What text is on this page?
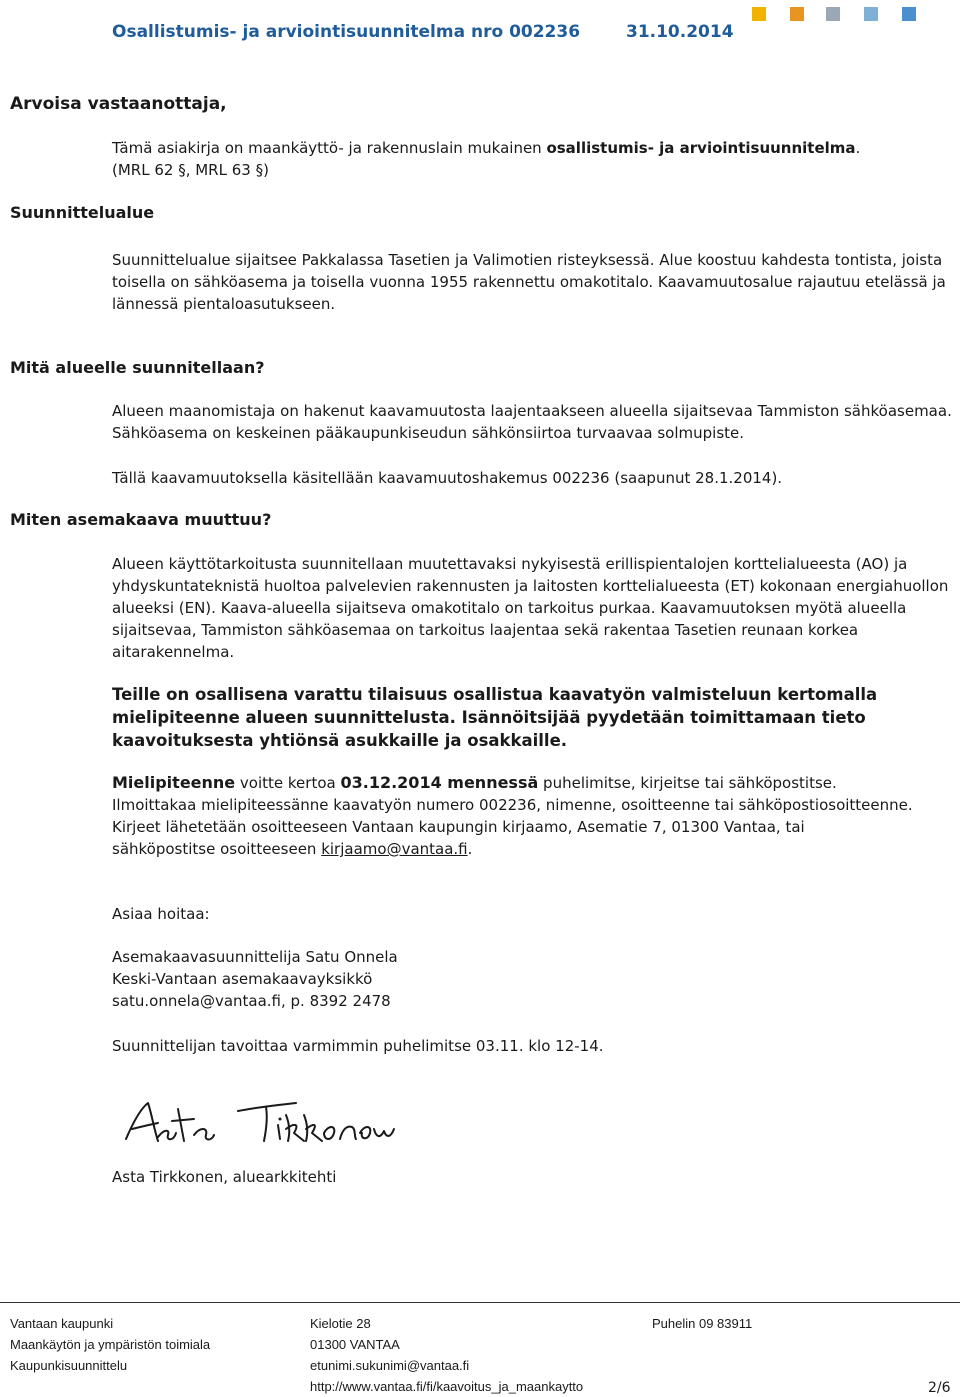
Osallistumis- ja arviointisuunnitelma nro 002236	31.10.2014
Arvoisa vastaanottaja,

Tämä asiakirja on maankäyttö- ja rakennuslain mukainen osallistumis- ja arviointisuunnitelma.

(MRL 62 §, MRL 63 §)

Suunnittelualue
Suunnittelualue sijaitsee Pakkalassa Tasetien ja Valimotien risteyksessä. Alue koostuu kahdesta tontista, joista toisella on sähköasema ja toisella vuonna 1955 rakennettu omakotitalo. Kaavamuutosalue rajautuu etelässä ja lännessä pientaloasutukseen.
Mitä alueelle suunnitellaan?
Alueen maanomistaja on hakenut kaavamuutosta laajentaakseen alueella sijaitsevaa Tammiston sähköasemaa. Sähköasema on keskeinen pääkaupunkiseudun sähkönsiirtoa turvaavaa solmupiste.
Tällä kaavamuutoksella käsitellään kaavamuutoshakemus 002236 (saapunut 28.1.2014).
Miten asemakaava muuttuu?
Alueen käyttötarkoitusta suunnitellaan muutettavaksi nykyisestä erillispientalojen korttelialueesta (AO) ja yhdyskuntateknistä huoltoa palvelevien rakennusten ja laitosten korttelialueesta (ET) kokonaan energiahuollon alueeksi (EN). Kaava-alueella sijaitseva omakotitalo on tarkoitus purkaa. Kaavamuutoksen myötä alueella sijaitsevaa, Tammiston sähköasemaa on tarkoitus laajentaa sekä rakentaa Tasetien reunaan korkea aitarakennelma.
Teille on osallisena varattu tilaisuus osallistua kaavatyön valmisteluun kertomalla mielipiteenne alueen suunnittelusta. Isännöitsijää pyydetään toimittamaan tieto kaavoituksesta yhtiönsä asukkaille ja osakkaille.

Mielipiteenne voitte kertoa 03.12.2014 mennessä puhelimitse, kirjeitse tai sähköpostitse.

Ilmoittakaa mielipiteessänne kaavatyön numero 002236, nimenne, osoitteenne tai sähköpostiosoitteenne.

Kirjeet lähetetään osoitteeseen Vantaan kaupungin kirjaamo, Asematie 7, 01300 Vantaa, tai

sähköpostitse osoitteeseen kirjaamo@vantaa.fi.

Asiaa hoitaa:

Asemakaavasuunnittelija Satu Onnela

Keski-Vantaan asemakaavayksikkö

satu.onnela@vantaa.fi, p. 8392 2478

Suunnittelijan tavoittaa varmimmin puhelimitse 03.11. klo 12-14.
Asta Tirkkonen, aluearkkitehti
Vantaan kaupunki
Maankäytön ja ympäristön toimiala
Kaupunkisuunnittelu
Kielotie 28
01300 VANTAA
etunimi.sukunimi@vantaa.fi
http://www.vantaa.fi/fi/kaavoitus_ja_maankaytto
Puhelin 09 83911
2/6
